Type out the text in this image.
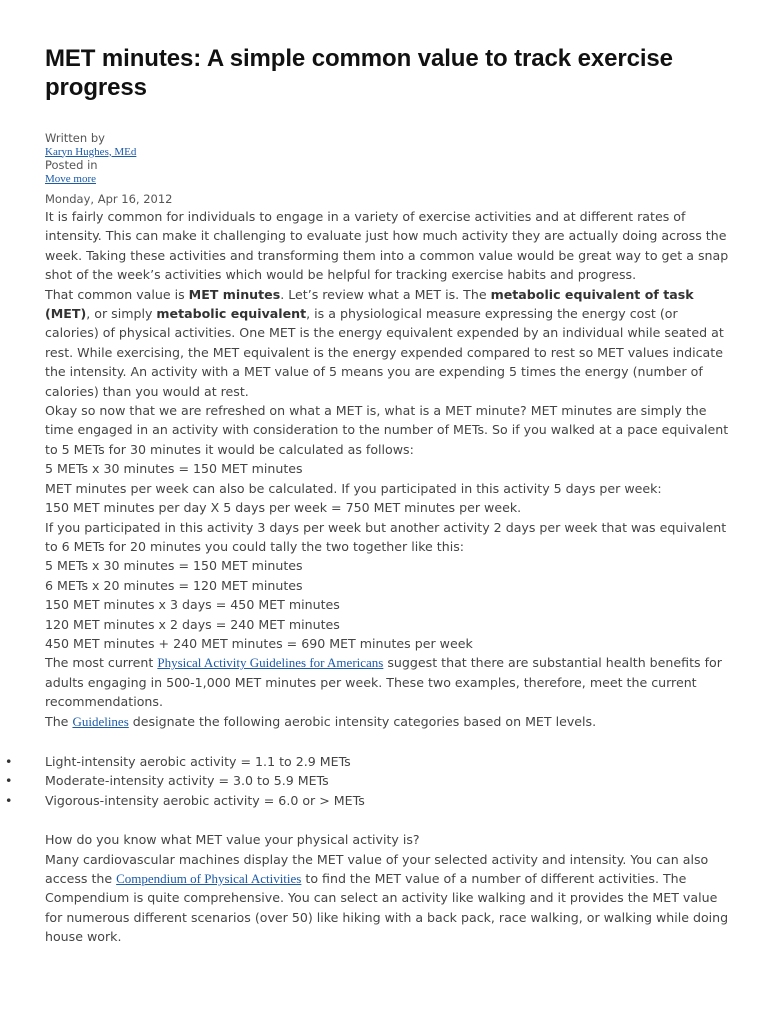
MET minutes: A simple common value to track exercise progress
Written by
Karyn Hughes, MEd
Posted in
Move more
Monday, Apr 16, 2012

It is fairly common for individuals to engage in a variety of exercise activities and at different rates of intensity. This can make it challenging to evaluate just how much activity they are actually doing across the week. Taking these activities and transforming them into a common value would be great way to get a snap shot of the week’s activities which would be helpful for tracking exercise habits and progress.

That common value is MET minutes. Let’s review what a MET is. The metabolic equivalent of task (MET), or simply metabolic equivalent, is a physiological measure expressing the energy cost (or calories) of physical activities. One MET is the energy equivalent expended by an individual while seated at rest. While exercising, the MET equivalent is the energy expended compared to rest so MET values indicate the intensity. An activity with a MET value of 5 means you are expending 5 times the energy (number of calories) than you would at rest.

Okay so now that we are refreshed on what a MET is, what is a MET minute? MET minutes are simply the time engaged in an activity with consideration to the number of METs. So if you walked at a pace equivalent to 5 METs for 30 minutes it would be calculated as follows:

5 METs x 30 minutes = 150 MET minutes

MET minutes per week can also be calculated. If you participated in this activity 5 days per week:

150 MET minutes per day X 5 days per week = 750 MET minutes per week.

If you participated in this activity 3 days per week but another activity 2 days per week that was equivalent to 6 METs for 20 minutes you could tally the two together like this:

5 METs x 30 minutes = 150 MET minutes

6 METs x 20 minutes = 120 MET minutes

150 MET minutes x 3 days = 450 MET minutes

120 MET minutes x 2 days = 240 MET minutes

450 MET minutes + 240 MET minutes = 690 MET minutes per week

The most current Physical Activity Guidelines for Americans suggest that there are substantial health benefits for adults engaging in 500-1,000 MET minutes per week. These two examples, therefore, meet the current recommendations.

The Guidelines designate the following aerobic intensity categories based on MET levels.

•	Light-intensity aerobic activity = 1.1 to 2.9 METs
•	Moderate-intensity activity = 3.0 to 5.9 METs
•	Vigorous-intensity aerobic activity = 6.0 or > METs

How do you know what MET value your physical activity is?

Many cardiovascular machines display the MET value of your selected activity and intensity. You can also access the Compendium of Physical Activities to find the MET value of a number of different activities. The Compendium is quite comprehensive. You can select an activity like walking and it provides the MET value for numerous different scenarios (over 50) like hiking with a back pack, race walking, or walking while doing house work.
